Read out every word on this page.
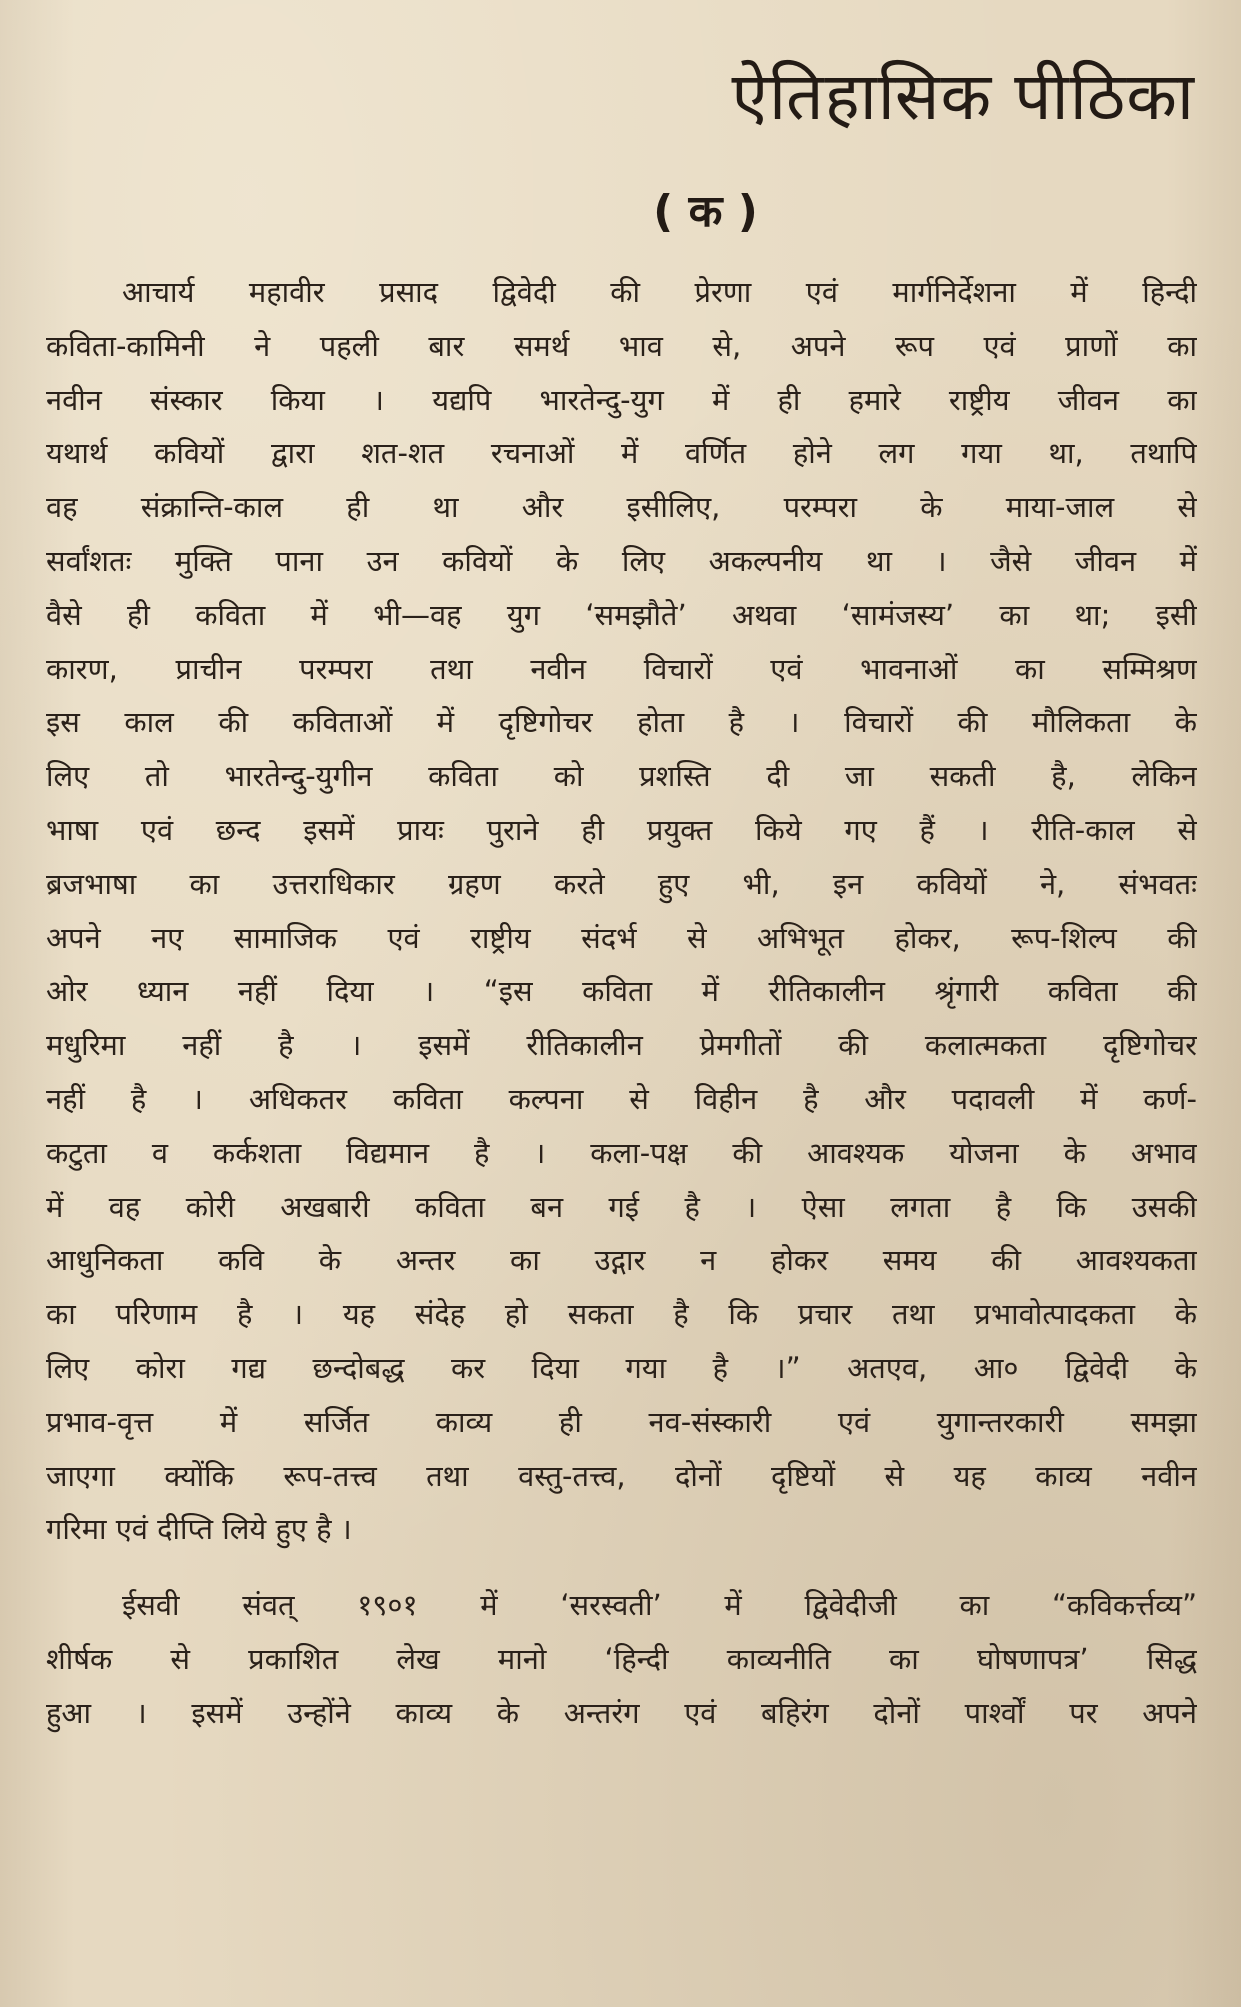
ऐतिहासिक पीठिका
( क )
आचार्य महावीर प्रसाद द्विवेदी की प्रेरणा एवं मार्गनिर्देशना में हिन्दी
कविता-कामिनी ने पहली बार समर्थ भाव से, अपने रूप एवं प्राणों का
नवीन संस्कार किया । यद्यपि भारतेन्दु-युग में ही हमारे राष्ट्रीय जीवन का
यथार्थ कवियों द्वारा शत-शत रचनाओं में वर्णित होने लग गया था, तथापि
वह संक्रान्ति-काल ही था और इसीलिए, परम्परा के माया-जाल से
सर्वांशतः मुक्ति पाना उन कवियों के लिए अकल्पनीय था । जैसे जीवन में
वैसे ही कविता में भी—वह युग ‘समझौते’ अथवा ‘सामंजस्य’ का था; इसी
कारण, प्राचीन परम्परा तथा नवीन विचारों एवं भावनाओं का सम्मिश्रण
इस काल की कविताओं में दृष्टिगोचर होता है । विचारों की मौलिकता के
लिए तो भारतेन्दु-युगीन कविता को प्रशस्ति दी जा सकती है, लेकिन
भाषा एवं छन्द इसमें प्रायः पुराने ही प्रयुक्त किये गए हैं । रीति-काल से
ब्रजभाषा का उत्तराधिकार ग्रहण करते हुए भी, इन कवियों ने, संभवतः
अपने नए सामाजिक एवं राष्ट्रीय संदर्भ से अभिभूत होकर, रूप-शिल्प की
ओर ध्यान नहीं दिया । “इस कविता में रीतिकालीन श्रृंगारी कविता की
मधुरिमा नहीं है । इसमें रीतिकालीन प्रेमगीतों की कलात्मकता दृष्टिगोचर
नहीं है । अधिकतर कविता कल्पना से विहीन है और पदावली में कर्ण-
कटुता व कर्कशता विद्यमान है । कला-पक्ष की आवश्यक योजना के अभाव
में वह कोरी अखबारी कविता बन गई है । ऐसा लगता है कि उसकी
आधुनिकता कवि के अन्तर का उद्गार न होकर समय की आवश्यकता
का परिणाम है । यह संदेह हो सकता है कि प्रचार तथा प्रभावोत्पादकता के
लिए कोरा गद्य छन्दोबद्ध कर दिया गया है ।” अतएव, आ० द्विवेदी के
प्रभाव-वृत्त में सर्जित काव्य ही नव-संस्कारी एवं युगान्तरकारी समझा
जाएगा क्योंकि रूप-तत्त्व तथा वस्तु-तत्त्व, दोनों दृष्टियों से यह काव्य नवीन
गरिमा एवं दीप्ति लिये हुए है ।
ईसवी संवत् १९०१ में ‘सरस्वती’ में द्विवेदीजी का “कविकर्त्तव्य”
शीर्षक से प्रकाशित लेख मानो ‘हिन्दी काव्यनीति का घोषणापत्र’ सिद्ध
हुआ । इसमें उन्होंने काव्य के अन्तरंग एवं बहिरंग दोनों पार्श्वों पर अपने
